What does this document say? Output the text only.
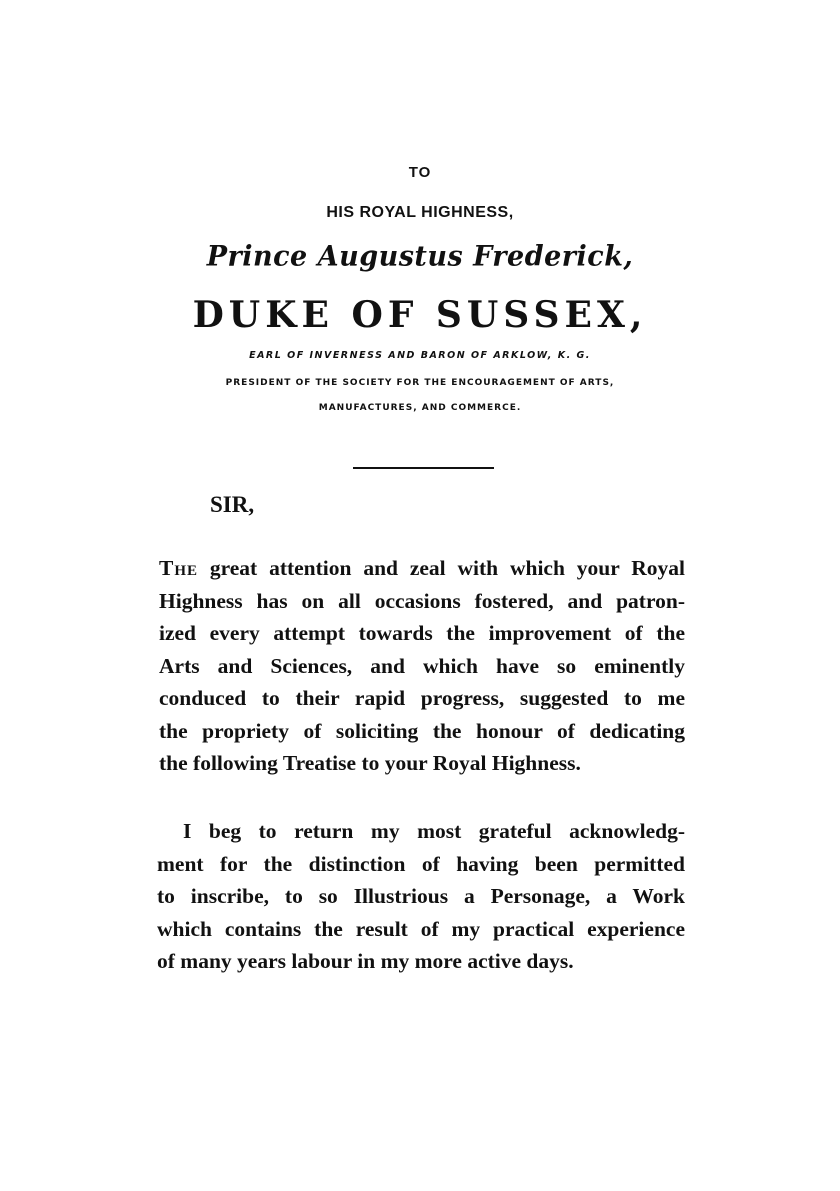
TO
HIS ROYAL HIGHNESS,
Prince Augustus Frederick,
DUKE OF SUSSEX,
EARL OF INVERNESS AND BARON OF ARKLOW, K. G.
PRESIDENT OF THE SOCIETY FOR THE ENCOURAGEMENT OF ARTS,
MANUFACTURES, AND COMMERCE.
SIR,
The great attention and zeal with which your Royal
Highness has on all occasions fostered, and patron-
ized every attempt towards the improvement of the
Arts and Sciences, and which have so eminently
conduced to their rapid progress, suggested to me
the propriety of soliciting the honour of dedicating
the following Treatise to your Royal Highness.
I beg to return my most grateful acknowledg-
ment for the distinction of having been permitted
to inscribe, to so Illustrious a Personage, a Work
which contains the result of my practical experience
of many years labour in my more active days.
